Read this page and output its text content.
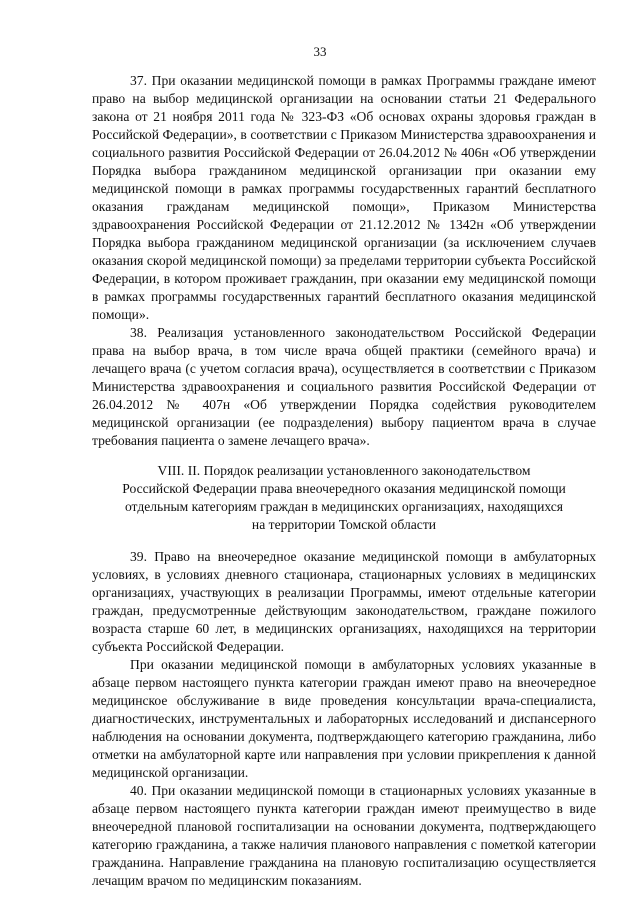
33

37. При оказании медицинской помощи в рамках Программы граждане имеют право на выбор медицинской организации на основании статьи 21 Федерального закона от 21 ноября 2011 года № 323-ФЗ «Об основах охраны здоровья граждан в Российской Федерации», в соответствии с Приказом Министерства здравоохранения и социального развития Российской Федерации от 26.04.2012 № 406н «Об утверждении Порядка выбора гражданином медицинской организации при оказании ему медицинской помощи в рамках программы государственных гарантий бесплатного оказания гражданам медицинской помощи», Приказом Министерства здравоохранения Российской Федерации от 21.12.2012 № 1342н «Об утверждении Порядка выбора гражданином медицинской организации (за исключением случаев оказания скорой медицинской помощи) за пределами территории субъекта Российской Федерации, в котором проживает гражданин, при оказании ему медицинской помощи в рамках программы государственных гарантий бесплатного оказания медицинской помощи».

38. Реализация установленного законодательством Российской Федерации права на выбор врача, в том числе врача общей практики (семейного врача) и лечащего врача (с учетом согласия врача), осуществляется в соответствии с Приказом Министерства здравоохранения и социального развития Российской Федерации от 26.04.2012 № 407н «Об утверждении Порядка содействия руководителем медицинской организации (ее подразделения) выбору пациентом врача в случае требования пациента о замене лечащего врача».

VIII. II. Порядок реализации установленного законодательством
Российской Федерации права внеочередного оказания медицинской помощи
отдельным категориям граждан в медицинских организациях, находящихся
на территории Томской области

39. Право на внеочередное оказание медицинской помощи в амбулаторных условиях, в условиях дневного стационара, стационарных условиях в медицинских организациях, участвующих в реализации Программы, имеют отдельные категории граждан, предусмотренные действующим законодательством, граждане пожилого возраста старше 60 лет, в медицинских организациях, находящихся на территории субъекта Российской Федерации.

При оказании медицинской помощи в амбулаторных условиях указанные в абзаце первом настоящего пункта категории граждан имеют право на внеочередное медицинское обслуживание в виде проведения консультации врача-специалиста, диагностических, инструментальных и лабораторных исследований и диспансерного наблюдения на основании документа, подтверждающего категорию гражданина, либо отметки на амбулаторной карте или направления при условии прикрепления к данной медицинской организации.

40. При оказании медицинской помощи в стационарных условиях указанные в абзаце первом настоящего пункта категории граждан имеют преимущество в виде внеочередной плановой госпитализации на основании документа, подтверждающего категорию гражданина, а также наличия планового направления с пометкой категории гражданина. Направление гражданина на плановую госпитализацию осуществляется лечащим врачом по медицинским показаниям.
